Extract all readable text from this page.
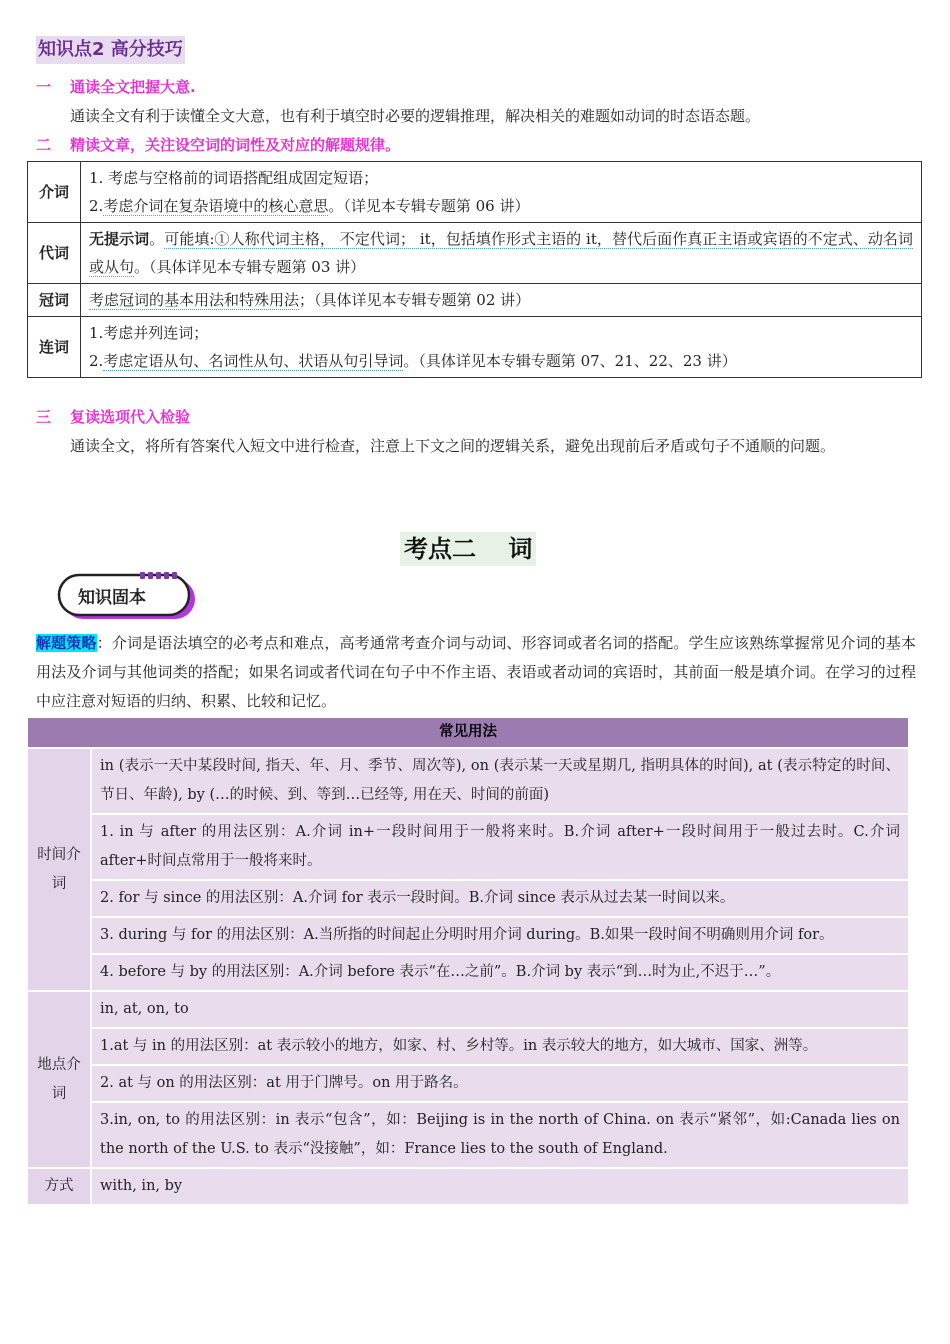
知识点2 高分技巧
一 通读全文把握大意.
通读全文有利于读懂全文大意，也有利于填空时必要的逻辑推理，解决相关的难题如动词的时态语态题。
二 精读文章，关注设空词的词性及对应的解题规律。
介词	1. 考虑与空格前的词语搭配组成固定短语；
2.考虑介词在复杂语境中的核心意思。（详见本专辑专题第 06 讲）

代词	无提示词。可能填:①人称代词主格， 不定代词； it，包括填作形式主语的 it，替代后面作真正主语或宾语的不定式、动名词或从句。（具体详见本专辑专题第 03 讲）
冠词	考虑冠词的基本用法和特殊用法；（具体详见本专辑专题第 02 讲）
连词	1.考虑并列连词；
2.考虑定语从句、名词性从句、状语从句引导词。（具体详见本专辑专题第 07、21、22、23 讲）
三 复读选项代入检验
通读全文，将所有答案代入短文中进行检查，注意上下文之间的逻辑关系，避免出现前后矛盾或句子不通顺的问题。
考点二　 词
知识固本
解题策略：介词是语法填空的必考点和难点，高考通常考查介词与动词、形容词或者名词的搭配。学生应该熟练掌握常见介词的基本用法及介词与其他词类的搭配；如果名词或者代词在句子中不作主语、表语或者动词的宾语时，其前面一般是填介词。在学习的过程中应注意对短语的归纳、积累、比较和记忆。
常见用法	
时间介词	in (表示一天中某段时间, 指天、年、月、季节、周次等), on (表示某一天或星期几, 指明具体的时间), at (表示特定的时间、节日、年龄), by (…的时候、到、等到…已经等, 用在天、时间的前面)
	1. in 与 after 的用法区别：A.介词 in+一段时间用于一般将来时。B.介词 after+一段时间用于一般过去时。C.介词 after+时间点常用于一般将来时。
	2. for 与 since 的用法区别：A.介词 for 表示一段时间。B.介词 since 表示从过去某一时间以来。
	3. during 与 for 的用法区别：A.当所指的时间起止分明时用介词 during。B.如果一段时间不明确则用介词 for。
	4. before 与 by 的用法区别：A.介词 before 表示“在…之前”。B.介词 by 表示“到…时为止,不迟于…”。
地点介词	in, at, on, to
	1.at 与 in 的用法区别：at 表示较小的地方，如家、村、乡村等。in 表示较大的地方，如大城市、国家、洲等。
	2. at 与 on 的用法区别：at 用于门牌号。on 用于路名。
	3.in, on, to 的用法区别：in 表示“包含”，如：Beijing is in the north of China. on 表示“紧邻”，如:Canada lies on the north of the U.S. to 表示“没接触”，如：France lies to the south of England.
方式	with, in, by
